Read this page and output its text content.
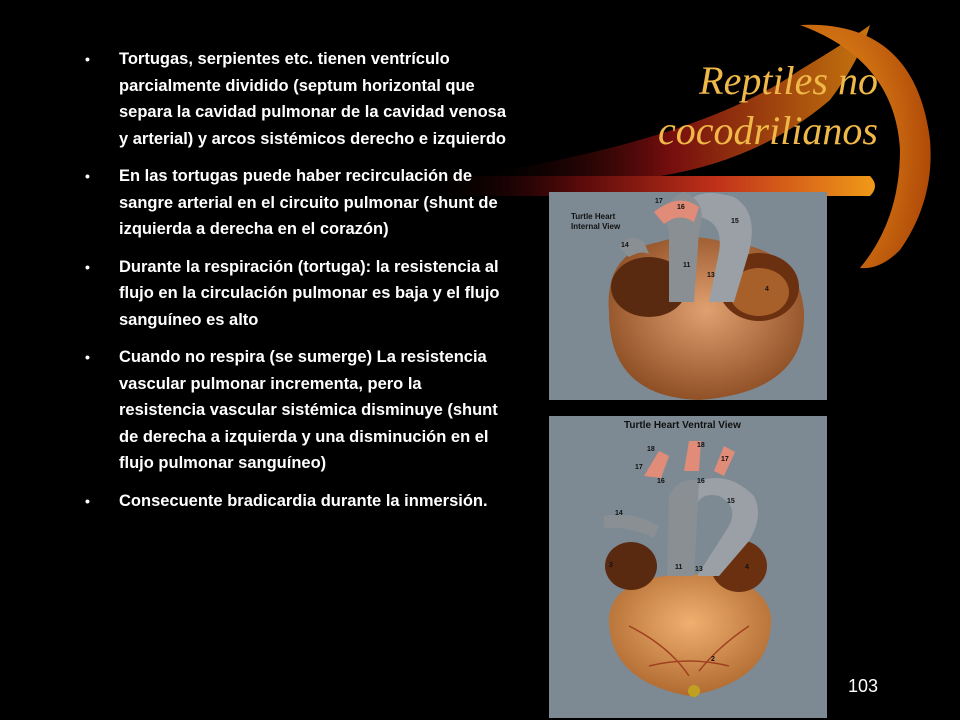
Reptiles no
cocodrilianos
• Tortugas, serpientes etc. tienen ventrículo parcialmente dividido (septum horizontal que separa la cavidad pulmonar de la cavidad venosa y arterial) y arcos sistémicos derecho e izquierdo
• En las tortugas puede haber recirculación de sangre arterial en el circuito pulmonar (shunt de izquierda a derecha en el corazón)
• Durante la respiración (tortuga): la resistencia al flujo en la circulación pulmonar es baja y el flujo sanguíneo es alto
• Cuando no respira (se sumerge) La resistencia vascular pulmonar incrementa, pero la resistencia vascular sistémica disminuye (shunt de derecha a izquierda y una disminución en el flujo pulmonar sanguíneo)
• Consecuente bradicardia durante la inmersión.
Turtle Heart
Internal View
17
16
15
14
11
13
4
Turtle Heart Ventral View
18
18
17
17
16	16
15
14
3	11 13	4
2
103
